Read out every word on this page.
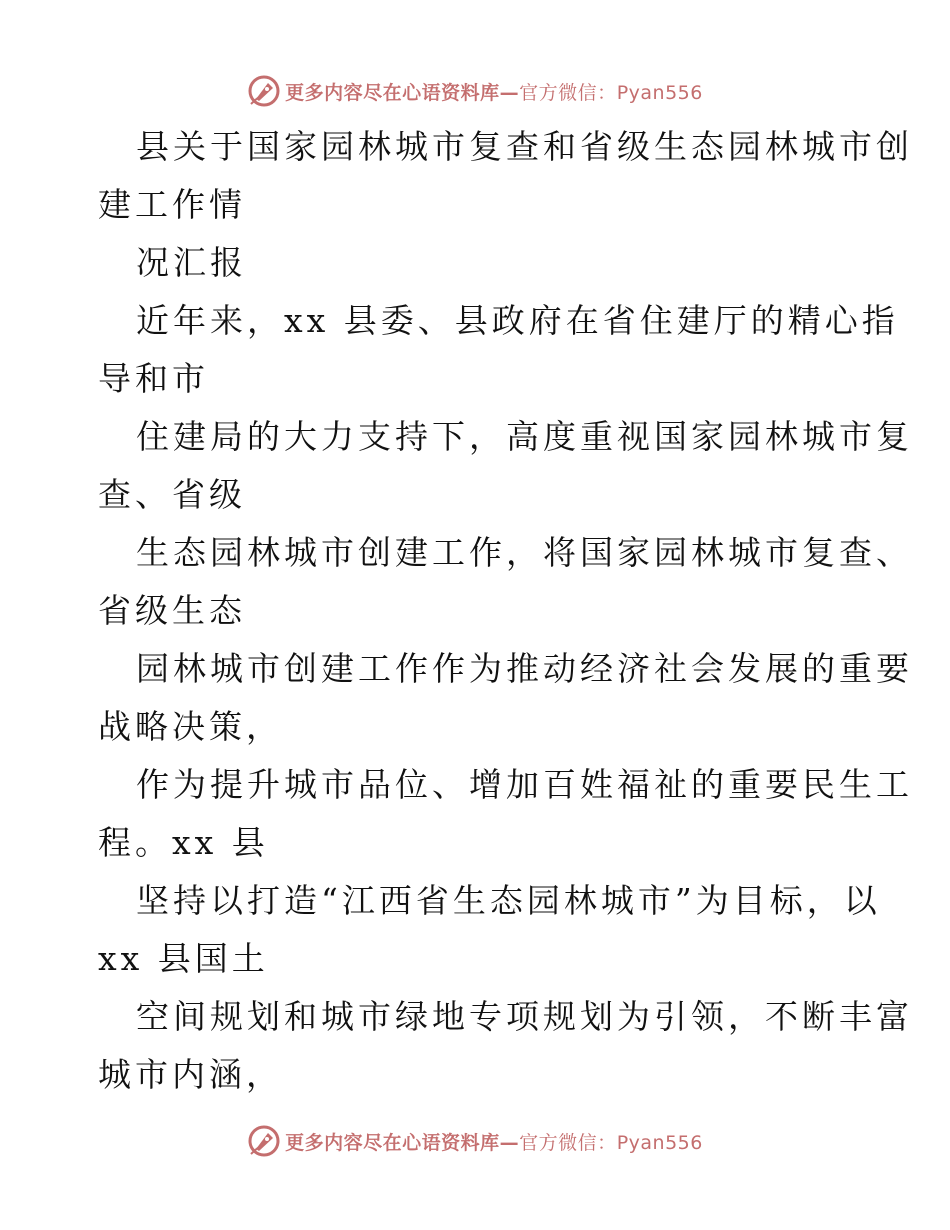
更多内容尽在心语资料库—官方微信：Pyan556
县关于国家园林城市复查和省级生态园林城市创
建工作情
况汇报
近年来，xx 县委、县政府在省住建厅的精心指
导和市
住建局的大力支持下，高度重视国家园林城市复
查、省级
生态园林城市创建工作，将国家园林城市复查、
省级生态
园林城市创建工作作为推动经济社会发展的重要
战略决策，
作为提升城市品位、增加百姓福祉的重要民生工
程。xx 县
坚持以打造“江西省生态园林城市”为目标，以
xx 县国土
空间规划和城市绿地专项规划为引领，不断丰富
城市内涵，
更多内容尽在心语资料库—官方微信：Pyan556
